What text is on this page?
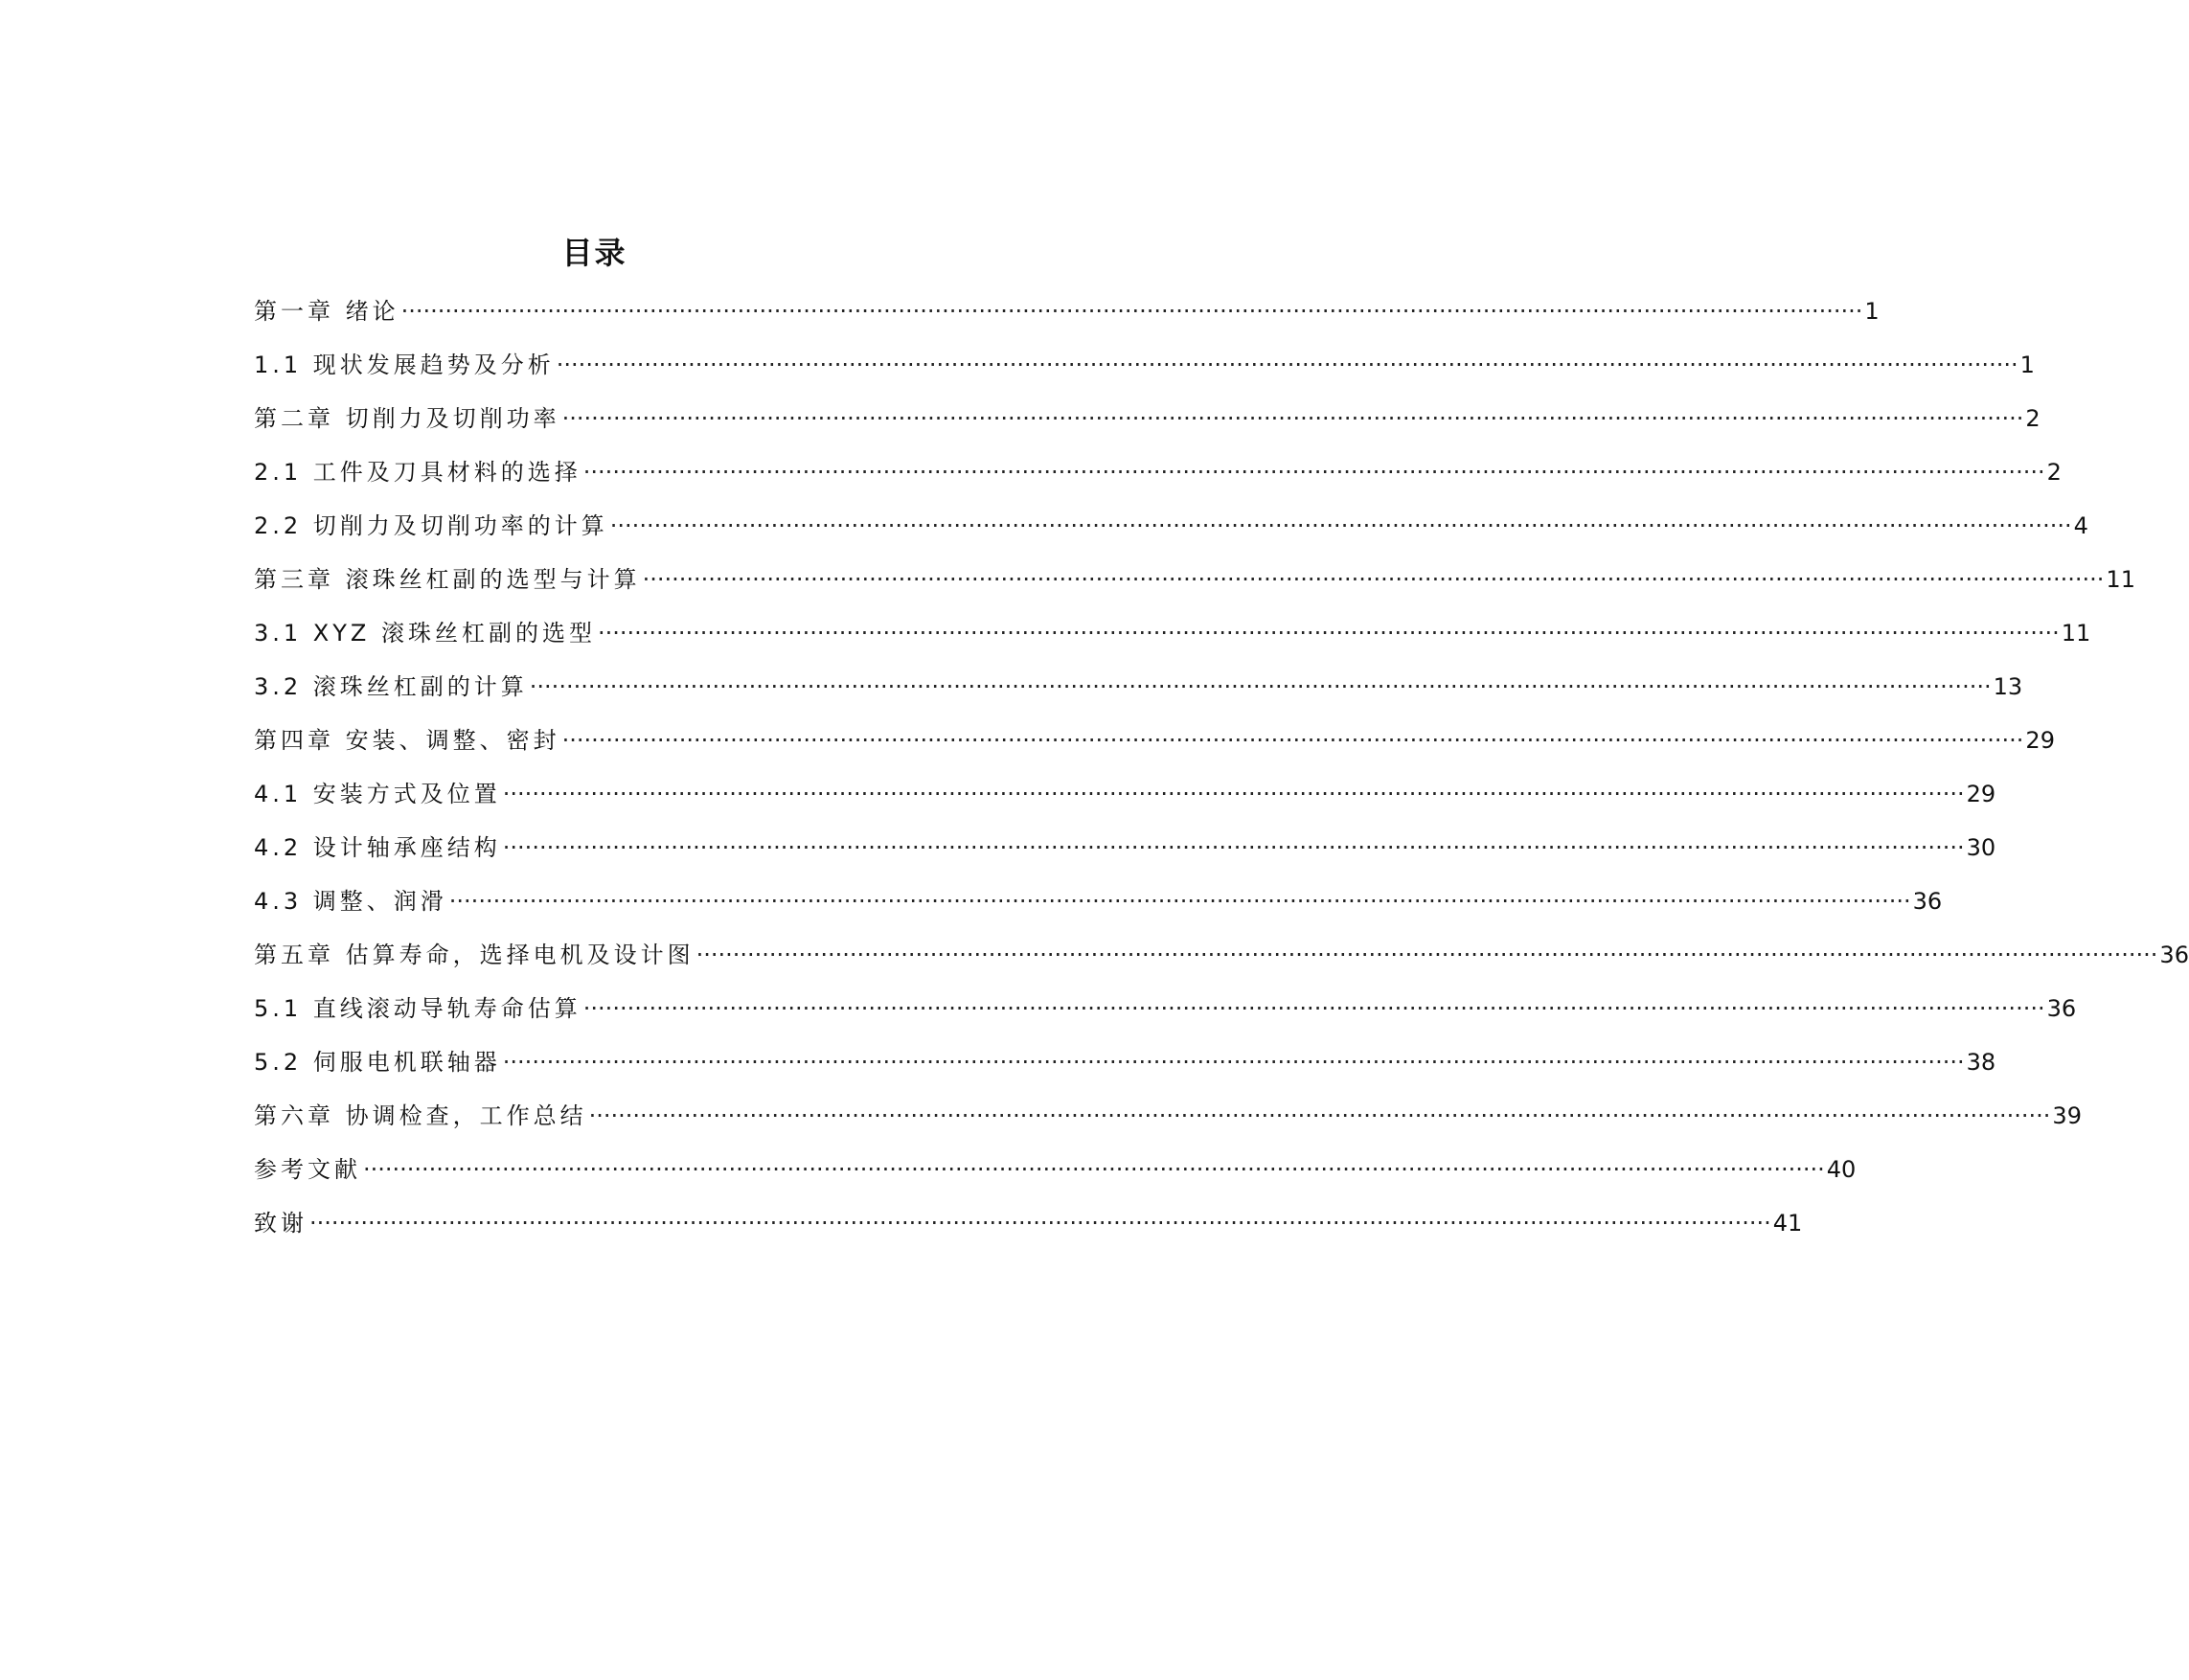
目录
第一章 绪论 ········································································································································································································ 1
1.1 现状发展趋势及分析 ········································································································································································································ 1
第二章 切削力及切削功率 ········································································································································································································ 2
2.1 工件及刀具材料的选择 ········································································································································································································ 2
2.2 切削力及切削功率的计算 ········································································································································································································ 4
第三章 滚珠丝杠副的选型与计算 ········································································································································································································ 11
3.1 XYZ 滚珠丝杠副的选型 ········································································································································································································ 11
3.2 滚珠丝杠副的计算 ········································································································································································································ 13
第四章 安装、调整、密封 ········································································································································································································ 29
4.1 安装方式及位置 ········································································································································································································ 29
4.2 设计轴承座结构 ········································································································································································································ 30
4.3 调整、润滑 ········································································································································································································ 36
第五章 估算寿命，选择电机及设计图 ········································································································································································································ 36
5.1 直线滚动导轨寿命估算 ········································································································································································································ 36
5.2 伺服电机联轴器 ········································································································································································································ 38
第六章 协调检查，工作总结 ········································································································································································································ 39
参考文献 ········································································································································································································ 40
致谢 ········································································································································································································ 41
